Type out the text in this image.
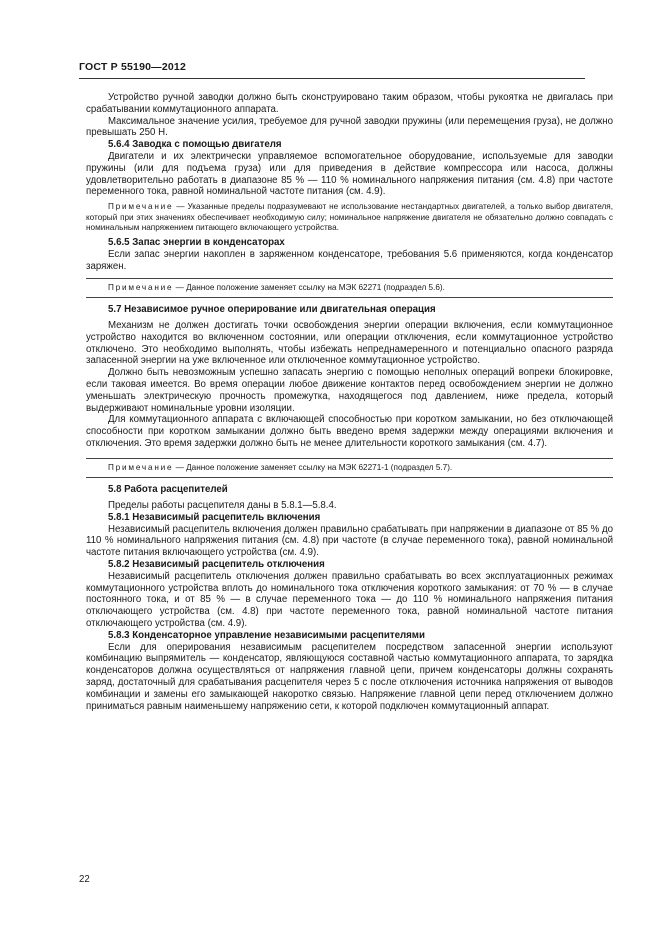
ГОСТ Р 55190—2012

Устройство ручной заводки должно быть сконструировано таким образом, чтобы рукоятка не двигалась при срабатывании коммутационного аппарата.

Максимальное значение усилия, требуемое для ручной заводки пружины (или перемещения груза), не должно превышать 250 Н.

5.6.4 Заводка с помощью двигателя

Двигатели и их электрически управляемое вспомогательное оборудование, используемые для заводки пружины (или для подъема груза) или для приведения в действие компрессора или насоса, должны удовлетворительно работать в диапазоне 85 % — 110 % номинального напряжения питания (см. 4.8) при частоте переменного тока, равной номинальной частоте питания (см. 4.9).

Примечание — Указанные пределы подразумевают не использование нестандартных двигателей, а только выбор двигателя, который при этих значениях обеспечивает необходимую силу; номинальное напряжение двигателя не обязательно должно совпадать с номинальным напряжением питающего включающего устройства.

5.6.5 Запас энергии в конденсаторах

Если запас энергии накоплен в заряженном конденсаторе, требования 5.6 применяются, когда конденсатор заряжен.

Примечание — Данное положение заменяет ссылку на МЭК 62271 (подраздел 5.6).

5.7 Независимое ручное оперирование или двигательная операция

Механизм не должен достигать точки освобождения энергии операции включения, если коммутационное устройство находится во включенном состоянии, или операции отключения, если коммутационное устройство отключено. Это необходимо выполнять, чтобы избежать непреднамеренного и потенциально опасного разряда запасенной энергии на уже включенное или отключенное коммутационное устройство.

Должно быть невозможным успешно запасать энергию с помощью неполных операций вопреки блокировке, если таковая имеется. Во время операции любое движение контактов перед освобождением энергии не должно уменьшать электрическую прочность промежутка, находящегося под давлением, ниже предела, который выдерживают номинальные уровни изоляции.

Для коммутационного аппарата с включающей способностью при коротком замыкании, но без отключающей способности при коротком замыкании должно быть введено время задержки между операциями включения и отключения. Это время задержки должно быть не менее длительности короткого замыкания (см. 4.7).

Примечание — Данное положение заменяет ссылку на МЭК 62271-1 (подраздел 5.7).

5.8 Работа расцепителей

Пределы работы расцепителя даны в 5.8.1—5.8.4.

5.8.1 Независимый расцепитель включения

Независимый расцепитель включения должен правильно срабатывать при напряжении в диапазоне от 85 % до 110 % номинального напряжения питания (см. 4.8) при частоте (в случае переменного тока), равной номинальной частоте питания включающего устройства (см. 4.9).

5.8.2 Независимый расцепитель отключения

Независимый расцепитель отключения должен правильно срабатывать во всех эксплуатационных режимах коммутационного устройства вплоть до номинального тока отключения короткого замыкания: от 70 % — в случае постоянного тока, и от 85 % — в случае переменного тока — до 110 % номинального напряжения питания отключающего устройства (см. 4.8) при частоте переменного тока, равной номинальной частоте питания отключающего устройства (см. 4.9).

5.8.3 Конденсаторное управление независимыми расцепителями

Если для оперирования независимым расцепителем посредством запасенной энергии используют комбинацию выпрямитель — конденсатор, являющуюся составной частью коммутационного аппарата, то зарядка конденсаторов должна осуществляться от напряжения главной цепи, причем конденсаторы должны сохранять заряд, достаточный для срабатывания расцепителя через 5 с после отключения источника напряжения от выводов комбинации и замены его замыкающей накоротко связью. Напряжение главной цепи перед отключением должно приниматься равным наименьшему напряжению сети, к которой подключен коммутационный аппарат.

22
